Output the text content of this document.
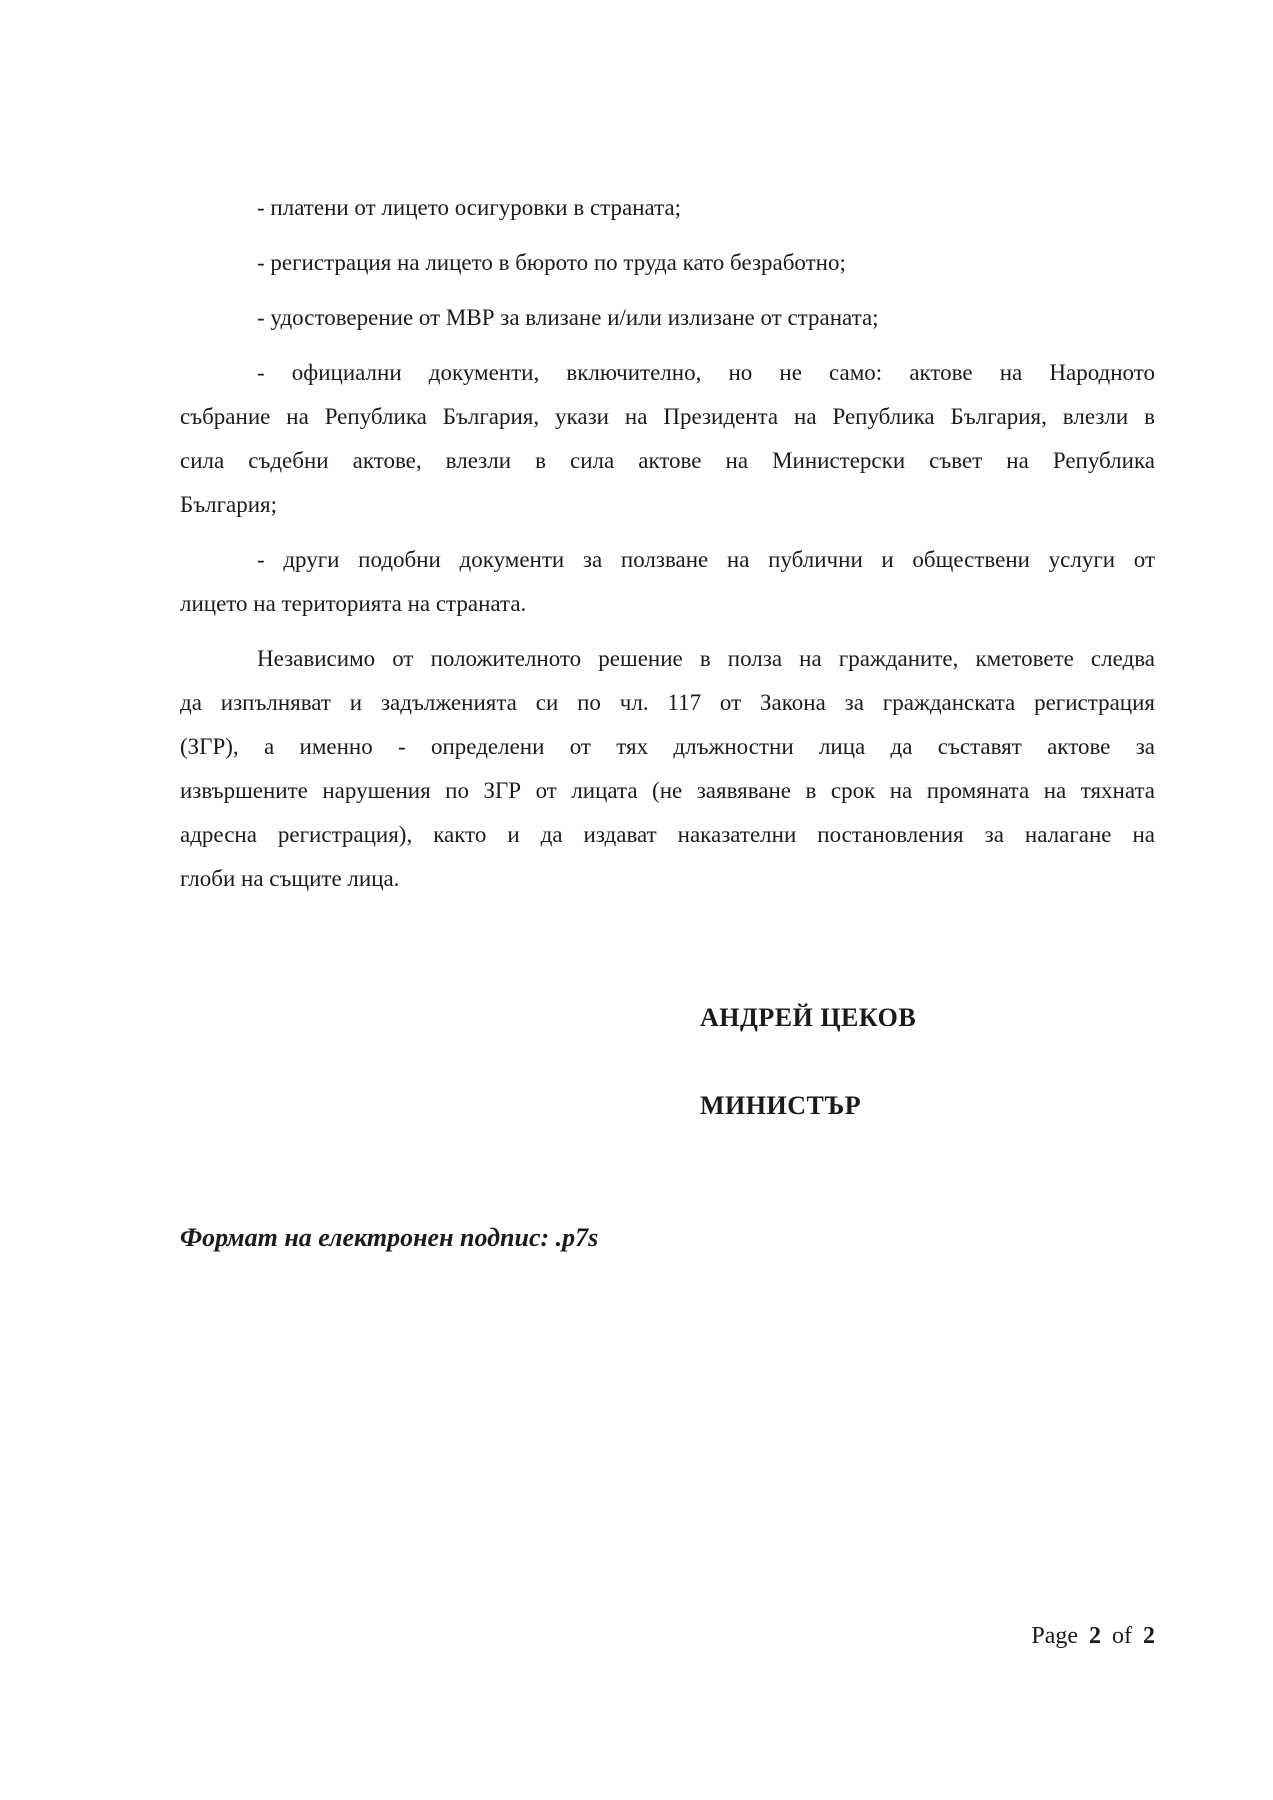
- платени от лицето осигуровки в страната;
- регистрация на лицето в бюрото по труда като безработно;
- удостоверение от МВР за влизане и/или излизане от страната;
- официални документи, включително, но не само: актове на Народното
събрание на Република България, укази на Президента на Република България, влезли в
сила съдебни актове, влезли в сила актове на Министерски съвет на Република
България;
- други подобни документи за ползване на публични и обществени услуги от
лицето на територията на страната.
Независимо от положителното решение в полза на гражданите, кметовете следва
да изпълняват и задълженията си по чл. 117 от Закона за гражданската регистрация
(ЗГР), а именно - определени от тях длъжностни лица да съставят актове за
извършените нарушения по ЗГР от лицата (не заявяване в срок на промяната на тяхната
адресна регистрация), както и да издават наказателни постановления за налагане на
глоби на същите лица.
АНДРЕЙ ЦЕКОВ
МИНИСТЪР
Формат на електронен подпис: .p7s
Page 2 of 2
